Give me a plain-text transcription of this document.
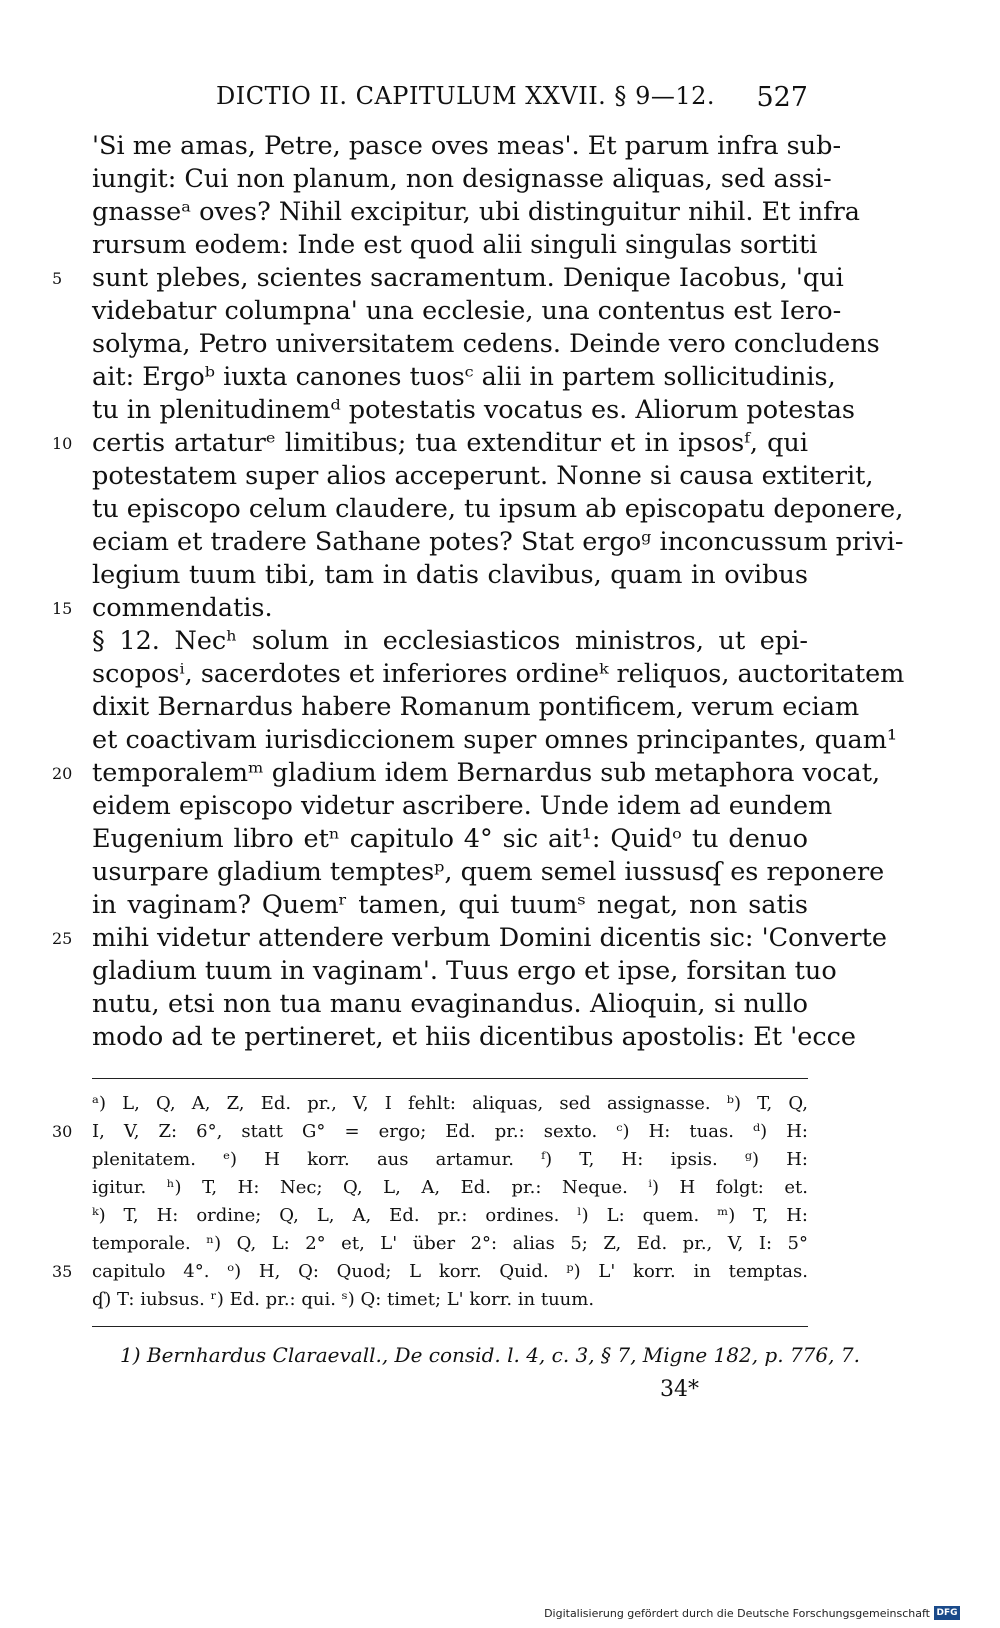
DICTIO II. CAPITULUM XXVII. § 9—12. 527
'Si me amas, Petre, pasce oves meas'. Et parum infra sub-
iungit: Cui non planum, non designasse aliquas, sed assi-
gnasseᵃ oves? Nihil excipitur, ubi distinguitur nihil. Et infra
rursum eodem: Inde est quod alii singuli singulas sortiti
5 sunt plebes, scientes sacramentum. Denique Iacobus, 'qui
videbatur columpna' una ecclesie, una contentus est Iero-
solyma, Petro universitatem cedens. Deinde vero concludens
ait: Ergoᵇ iuxta canones tuosᶜ alii in partem sollicitudinis,
tu in plenitudinemᵈ potestatis vocatus es. Aliorum potestas
10 certis artaturᵉ limitibus; tua extenditur et in ipsosᶠ, qui
potestatem super alios acceperunt. Nonne si causa extiterit,
tu episcopo celum claudere, tu ipsum ab episcopatu deponere,
eciam et tradere Sathane potes? Stat ergoᵍ inconcussum privi-
legium tuum tibi, tam in datis clavibus, quam in ovibus
15 commendatis.
§ 12. Necʰ solum in ecclesiasticos ministros, ut epi-
scoposⁱ, sacerdotes et inferiores ordineᵏ reliquos, auctoritatem
dixit Bernardus habere Romanum pontificem, verum eciam
et coactivam iurisdiccionem super omnes principantes, quam¹
20 temporalemᵐ gladium idem Bernardus sub metaphora vocat,
eidem episcopo videtur ascribere. Unde idem ad eundem
Eugenium libro etⁿ capitulo 4° sic ait¹: Quidᵒ tu denuo
usurpare gladium temptesᵖ, quem semel iussusʠ es reponere
in vaginam? Quemʳ tamen, qui tuumˢ negat, non satis
25 mihi videtur attendere verbum Domini dicentis sic: 'Converte
gladium tuum in vaginam'. Tuus ergo et ipse, forsitan tuo
nutu, etsi non tua manu evaginandus. Alioquin, si nullo
modo ad te pertineret, et hiis dicentibus apostolis: Et 'ecce
ᵃ) L, Q, A, Z, Ed. pr., V, I fehlt: aliquas, sed assignasse. ᵇ) T, Q,
30 I, V, Z: 6°, statt G° = ergo; Ed. pr.: sexto. ᶜ) H: tuas. ᵈ) H:
plenitatem. ᵉ) H korr. aus artamur. ᶠ) T, H: ipsis. ᵍ) H:
igitur. ʰ) T, H: Nec; Q, L, A, Ed. pr.: Neque. ⁱ) H folgt: et.
ᵏ) T, H: ordine; Q, L, A, Ed. pr.: ordines. ˡ) L: quem. ᵐ) T, H:
temporale. ⁿ) Q, L: 2° et, L' über 2°: alias 5; Z, Ed. pr., V, I: 5°
35 capitulo 4°. ᵒ) H, Q: Quod; L korr. Quid. ᵖ) L' korr. in temptas.
ʠ) T: iubsus. ʳ) Ed. pr.: qui. ˢ) Q: timet; L' korr. in tuum.
1) Bernhardus Claraevall., De consid. l. 4, c. 3, § 7, Migne 182, p. 776, 7.
34*
Digitalisierung gefördert durch die Deutsche Forschungsgemeinschaft DFG
